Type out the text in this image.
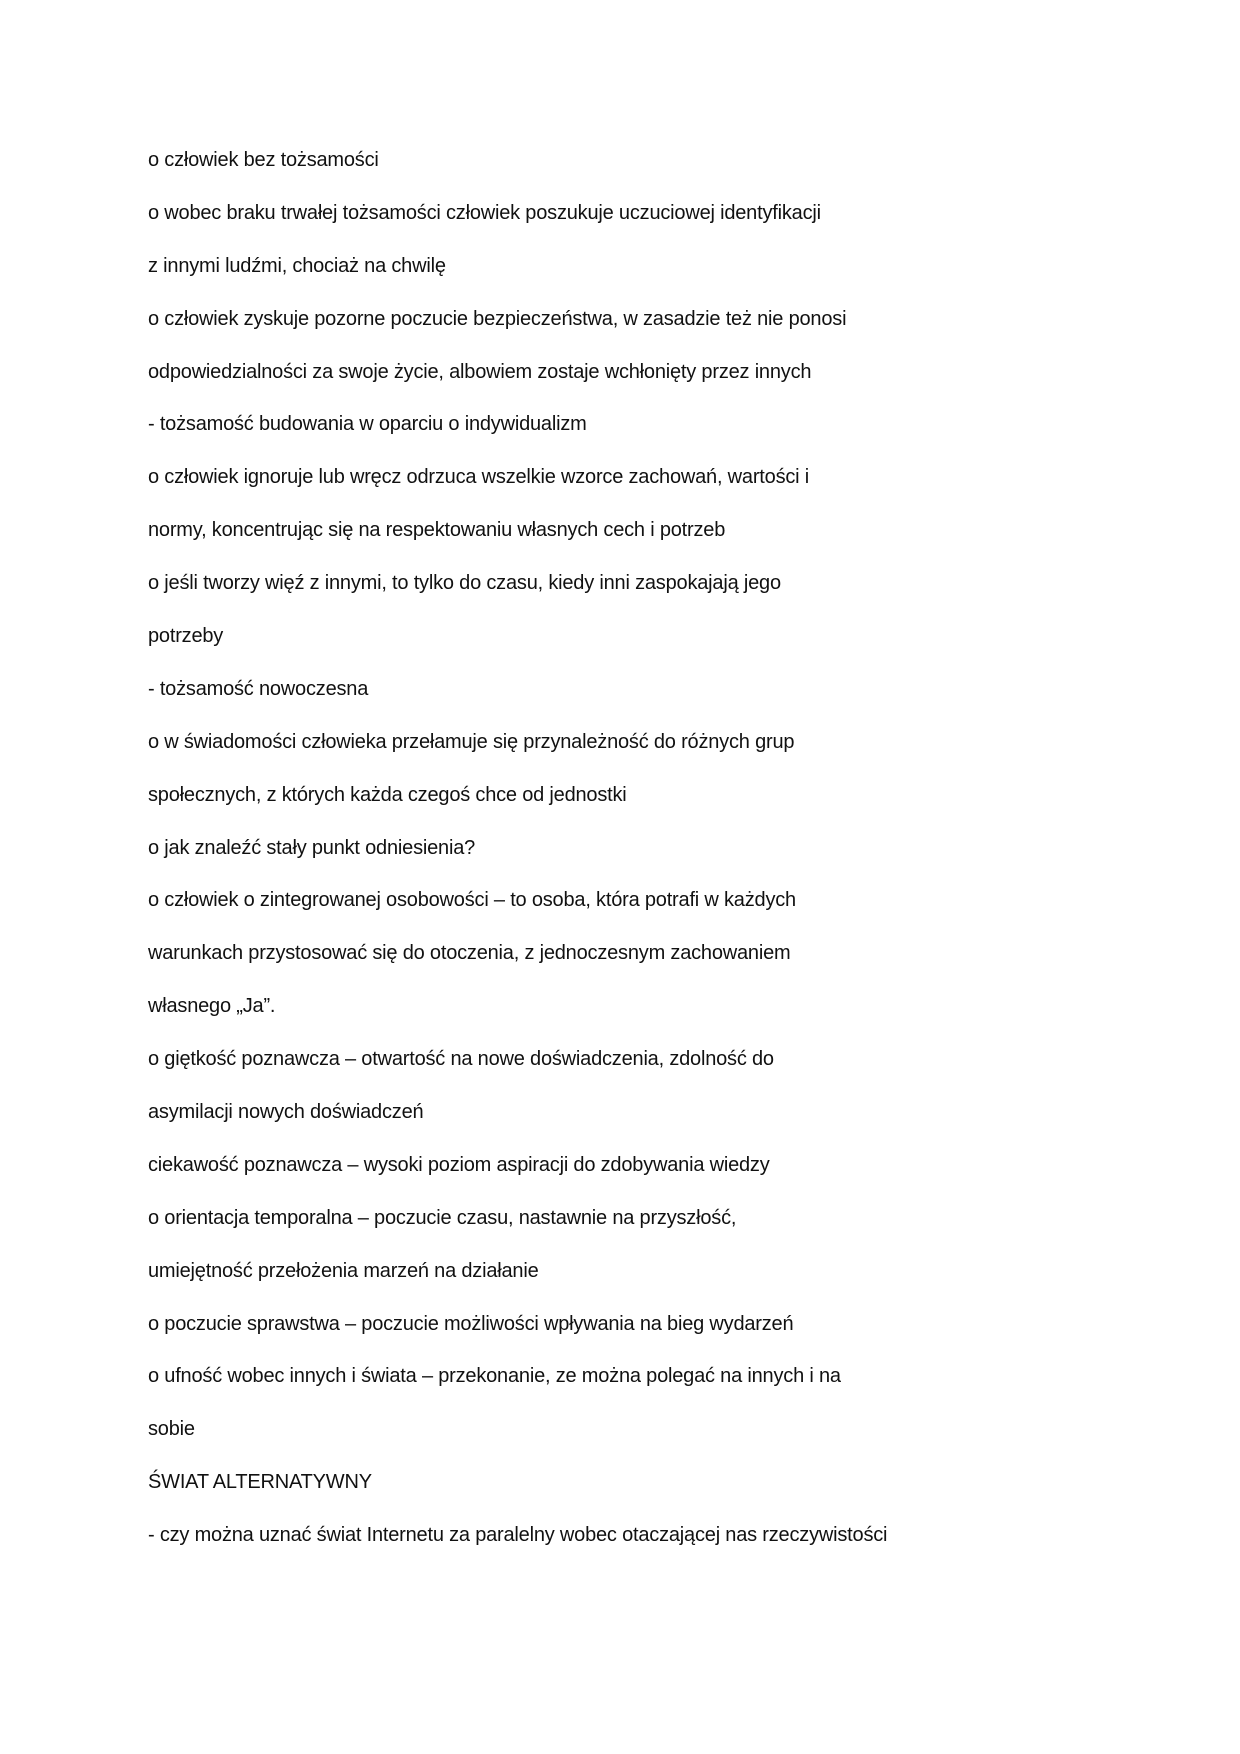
o człowiek bez tożsamości
o wobec braku trwałej tożsamości człowiek poszukuje uczuciowej identyfikacji
z innymi ludźmi, chociaż na chwilę
o człowiek zyskuje pozorne poczucie bezpieczeństwa, w zasadzie też nie ponosi
odpowiedzialności za swoje życie, albowiem zostaje wchłonięty przez innych
- tożsamość budowania w oparciu o indywidualizm
o człowiek ignoruje lub wręcz odrzuca wszelkie wzorce zachowań, wartości i
normy, koncentrując się na respektowaniu własnych cech i potrzeb
o jeśli tworzy więź z innymi, to tylko do czasu, kiedy inni zaspokajają jego
potrzeby
- tożsamość nowoczesna
o w świadomości człowieka przełamuje się przynależność do różnych grup
społecznych, z których każda czegoś chce od jednostki
o jak znaleźć stały punkt odniesienia?
o człowiek o zintegrowanej osobowości – to osoba, która potrafi w każdych
warunkach przystosować się do otoczenia, z jednoczesnym zachowaniem
własnego „Ja”.
o giętkość poznawcza – otwartość na nowe doświadczenia, zdolność do
asymilacji nowych doświadczeń
ciekawość poznawcza – wysoki poziom aspiracji do zdobywania wiedzy
o orientacja temporalna – poczucie czasu, nastawnie na przyszłość,
umiejętność przełożenia marzeń na działanie
o poczucie sprawstwa – poczucie możliwości wpływania na bieg wydarzeń
o ufność wobec innych i świata – przekonanie, ze można polegać na innych i na
sobie
ŚWIAT ALTERNATYWNY
- czy można uznać świat Internetu za paralelny wobec otaczającej nas rzeczywistości
